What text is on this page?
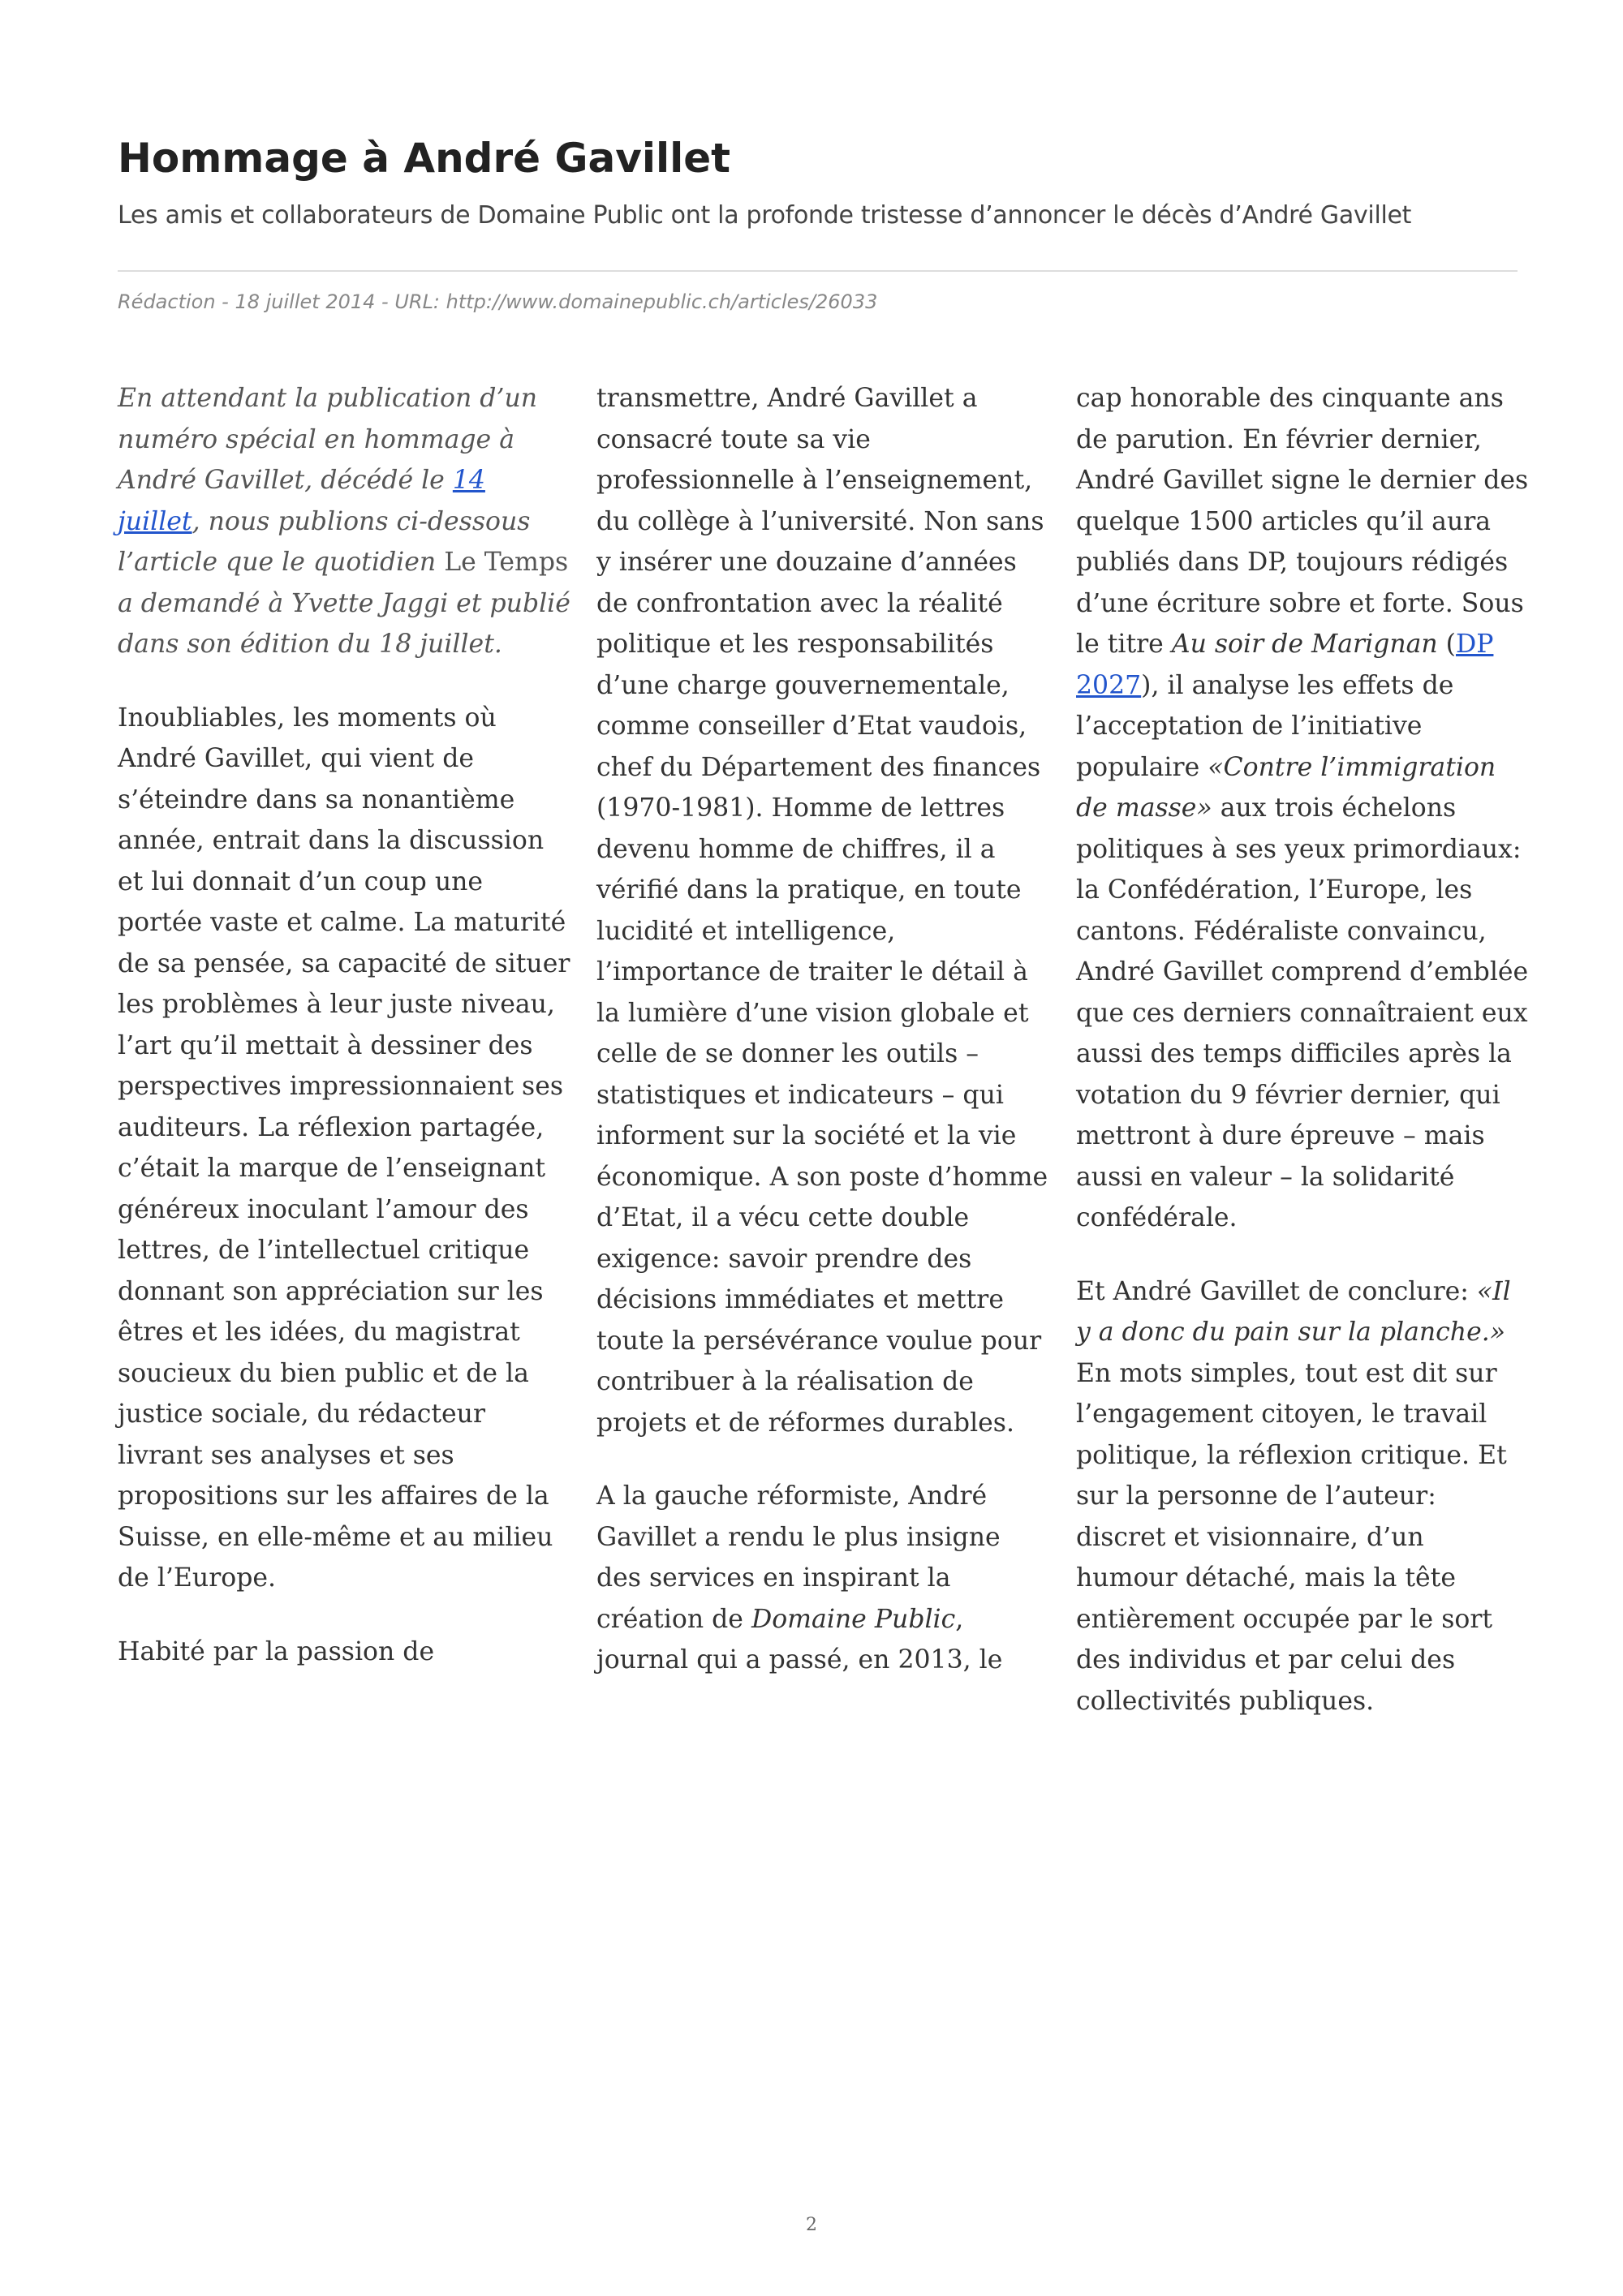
Hommage à André Gavillet

Les amis et collaborateurs de Domaine Public ont la profonde tristesse d’annoncer le décès d’André Gavillet

Rédaction - 18 juillet 2014 - URL: http://www.domainepublic.ch/articles/26033

En attendant la publication d’un numéro spécial en hommage à André Gavillet, décédé le 14 juillet, nous publions ci-dessous l’article que le quotidien Le Temps a demandé à Yvette Jaggi et publié dans son édition du 18 juillet.

Inoubliables, les moments où André Gavillet, qui vient de s’éteindre dans sa nonantième année, entrait dans la discussion et lui donnait d’un coup une portée vaste et calme. La maturité de sa pensée, sa capacité de situer les problèmes à leur juste niveau, l’art qu’il mettait à dessiner des perspectives impressionnaient ses auditeurs. La réflexion partagée, c’était la marque de l’enseignant généreux inoculant l’amour des lettres, de l’intellectuel critique donnant son appréciation sur les êtres et les idées, du magistrat soucieux du bien public et de la justice sociale, du rédacteur livrant ses analyses et ses propositions sur les affaires de la Suisse, en elle-même et au milieu de l’Europe.

Habité par la passion de

transmettre, André Gavillet a consacré toute sa vie professionnelle à l’enseignement, du collège à l’université. Non sans y insérer une douzaine d’années de confrontation avec la réalité politique et les responsabilités d’une charge gouvernementale, comme conseiller d’Etat vaudois, chef du Département des finances (1970-1981). Homme de lettres devenu homme de chiffres, il a vérifié dans la pratique, en toute lucidité et intelligence, l’importance de traiter le détail à la lumière d’une vision globale et celle de se donner les outils – statistiques et indicateurs – qui informent sur la société et la vie économique. A son poste d’homme d’Etat, il a vécu cette double exigence: savoir prendre des décisions immédiates et mettre toute la persévérance voulue pour contribuer à la réalisation de projets et de réformes durables.

A la gauche réformiste, André Gavillet a rendu le plus insigne des services en inspirant la création de Domaine Public, journal qui a passé, en 2013, le

cap honorable des cinquante ans de parution. En février dernier, André Gavillet signe le dernier des quelque 1500 articles qu’il aura publiés dans DP, toujours rédigés d’une écriture sobre et forte. Sous le titre Au soir de Marignan (DP 2027), il analyse les effets de l’acceptation de l’initiative populaire «Contre l’immigration de masse» aux trois échelons politiques à ses yeux primordiaux: la Confédération, l’Europe, les cantons. Fédéraliste convaincu, André Gavillet comprend d’emblée que ces derniers connaîtraient eux aussi des temps difficiles après la votation du 9 février dernier, qui mettront à dure épreuve – mais aussi en valeur – la solidarité confédérale.

Et André Gavillet de conclure: «Il y a donc du pain sur la planche.» En mots simples, tout est dit sur l’engagement citoyen, le travail politique, la réflexion critique. Et sur la personne de l’auteur: discret et visionnaire, d’un humour détaché, mais la tête entièrement occupée par le sort des individus et par celui des collectivités publiques.

2
